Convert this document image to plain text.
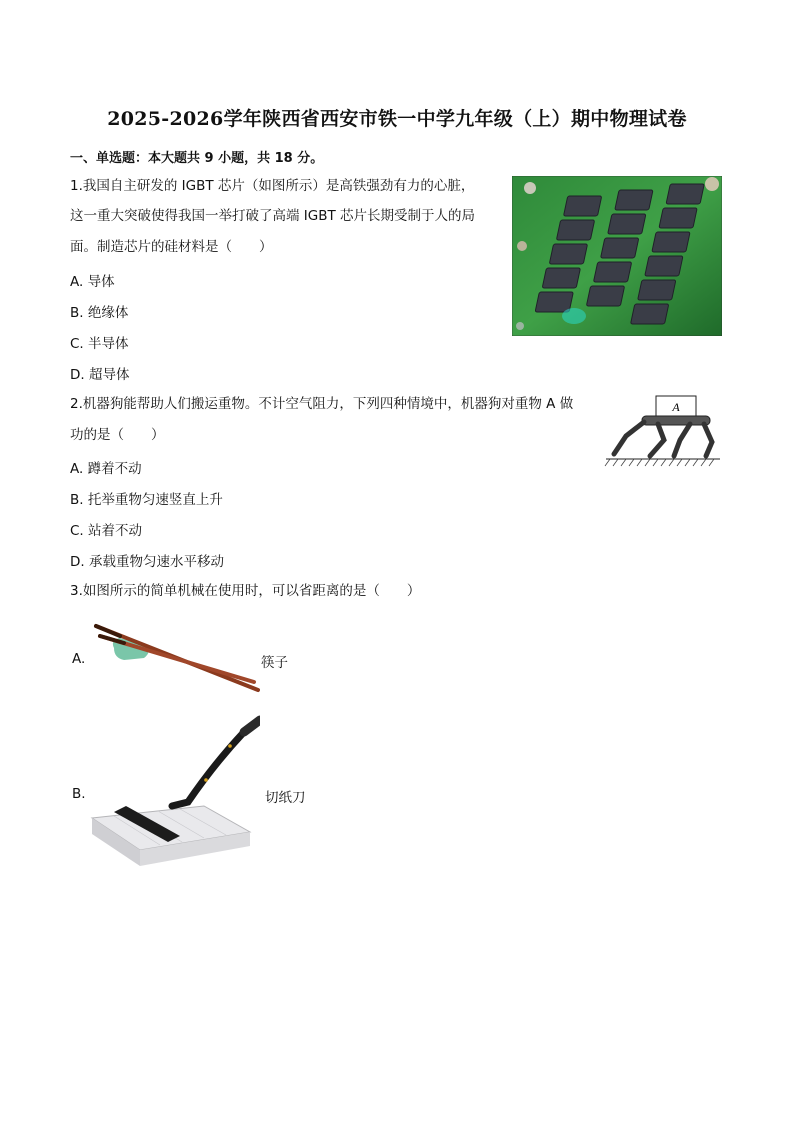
2025-2026学年陕西省西安市铁一中学九年级（上）期中物理试卷
一、单选题：本大题共 9 小题，共 18 分。
1.我国自主研发的 IGBT 芯片（如图所示）是高铁强劲有力的心脏，
这一重大突破使得我国一举打破了高端 IGBT 芯片长期受制于人的局
面。制造芯片的硅材料是（　　）
A. 导体
B. 绝缘体
C. 半导体
D. 超导体
2.机器狗能帮助人们搬运重物。不计空气阻力，下列四种情境中，机器狗对重物 A 做
功的是（　　）
A. 蹲着不动
B. 托举重物匀速竖直上升
C. 站着不动
D. 承载重物匀速水平移动
A
3.如图所示的简单机械在使用时，可以省距离的是（　　）
A.	筷子
B.	切纸刀
